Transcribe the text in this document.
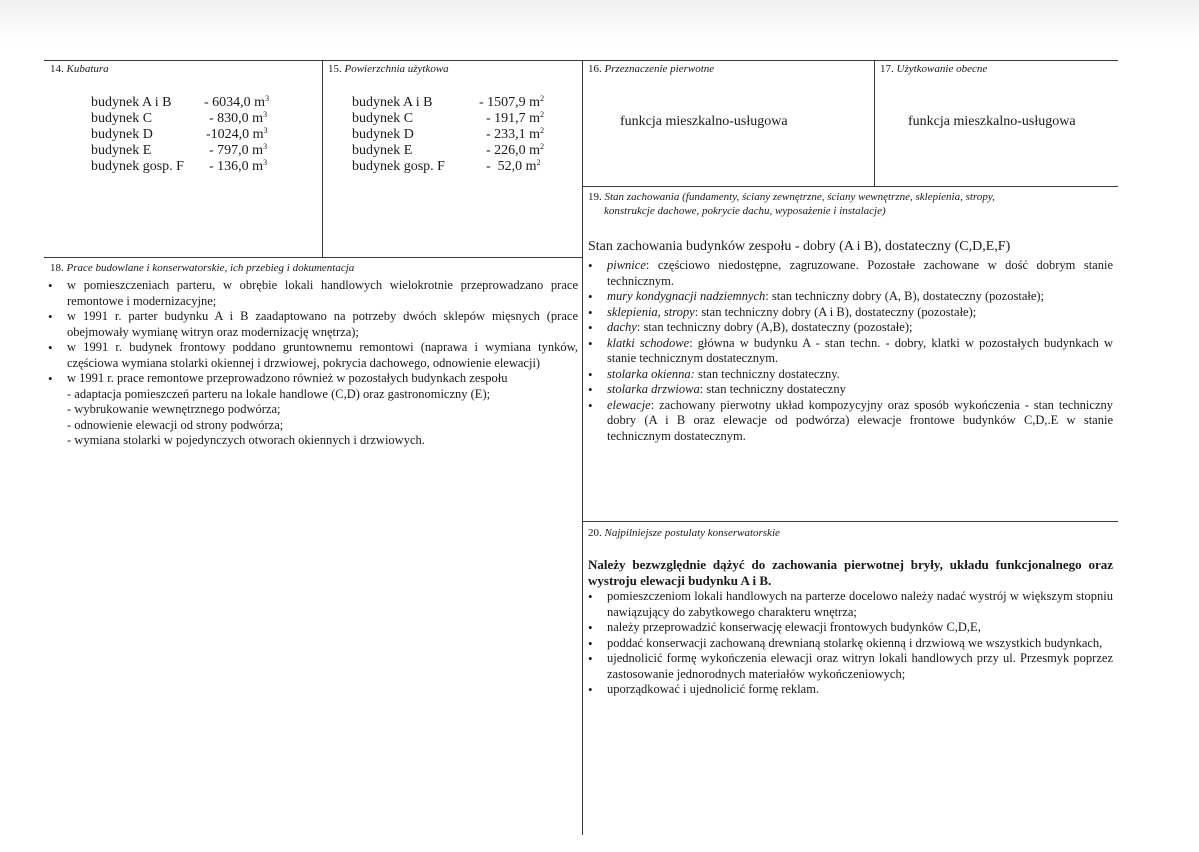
14. Kubatura
budynek A i B - 6034,0 $m^3$
budynek C	- 830,0 $m^3$
budynek D	-1024,0 $m^3$
budynek E	- 797,0 $m^3$
budynek gosp. F - 136,0 $m^3$
15. Powierzchnia użytkowa
budynek A i B	- 1507,9 $m^2$
budynek C	- 191,7 $m^2$
budynek D	- 233,1 $m^2$
budynek E	- 226,0 $m^2$
budynek gosp. F	-  52,0 $m^2$
16. Przeznaczenie pierwotne
funkcja mieszkalno-usługowa
17. Użytkowanie obecne
funkcja mieszkalno-usługowa
19. Stan zachowania (fundamenty, ściany zewnętrzne, ściany wewnętrzne, sklepienia, stropy,
konstrukcje dachowe, pokrycie dachu, wyposażenie i instalacje)
Stan zachowania budynków zespołu - dobry (A i B), dostateczny (C,D,E,F)
• piwnice: częściowo niedostępne, zagruzowane. Pozostałe zachowane w dość dobrym stanie technicznym.
• mury kondygnacji nadziemnych: stan techniczny dobry (A, B), dostateczny (pozostałe);
• sklepienia, stropy: stan techniczny dobry (A i B), dostateczny (pozostałe);
• dachy: stan techniczny dobry (A,B), dostateczny (pozostałe);
• klatki schodowe: główna w budynku A - stan techn. - dobry, klatki w pozostałych budynkach w stanie technicznym dostatecznym.
• stolarka okienna: stan techniczny dostateczny.
• stolarka drzwiowa: stan techniczny dostateczny
• elewacje: zachowany pierwotny układ kompozycyjny oraz sposób wykończenia - stan techniczny dobry (A i B oraz elewacje od podwórza) elewacje frontowe budynków C,D,.E w stanie technicznym dostatecznym.
18. Prace budowlane i konserwatorskie, ich przebieg i dokumentacja
• w pomieszczeniach parteru, w obrębie lokali handlowych wielokrotnie przeprowadzano prace remontowe i modernizacyjne;
• w 1991 r. parter budynku A i B zaadaptowano na potrzeby dwóch sklepów mięsnych (prace obejmowały wymianę witryn oraz modernizację wnętrza);
• w 1991 r. budynek frontowy poddano gruntownemu remontowi (naprawa i wymiana tynków, częściowa wymiana stolarki okiennej i drzwiowej, pokrycia dachowego, odnowienie elewacji)
• w 1991 r. prace remontowe przeprowadzono również w pozostałych budynkach zespołu
- adaptacja pomieszczeń parteru na lokale handlowe (C,D) oraz gastronomiczny (E);
- wybrukowanie wewnętrznego podwórza;
- odnowienie elewacji od strony podwórza;
- wymiana stolarki w pojedynczych otworach okiennych i drzwiowych.
20. Najpilniejsze postulaty konserwatorskie
Należy bezwzględnie dążyć do zachowania pierwotnej bryły, układu funkcjonalnego oraz wystroju elewacji budynku A i B.
• pomieszczeniom lokali handlowych na parterze docelowo należy nadać wystrój w większym stopniu nawiązujący do zabytkowego charakteru wnętrza;
• należy przeprowadzić konserwację elewacji frontowych budynków C,D,E,
• poddać konserwacji zachowaną drewnianą stolarkę okienną i drzwiową we wszystkich budynkach,
• ujednolicić formę wykończenia elewacji oraz witryn lokali handlowych przy ul. Przesmyk poprzez zastosowanie jednorodnych materiałów wykończeniowych;
• uporządkować i ujednolicić formę reklam.
